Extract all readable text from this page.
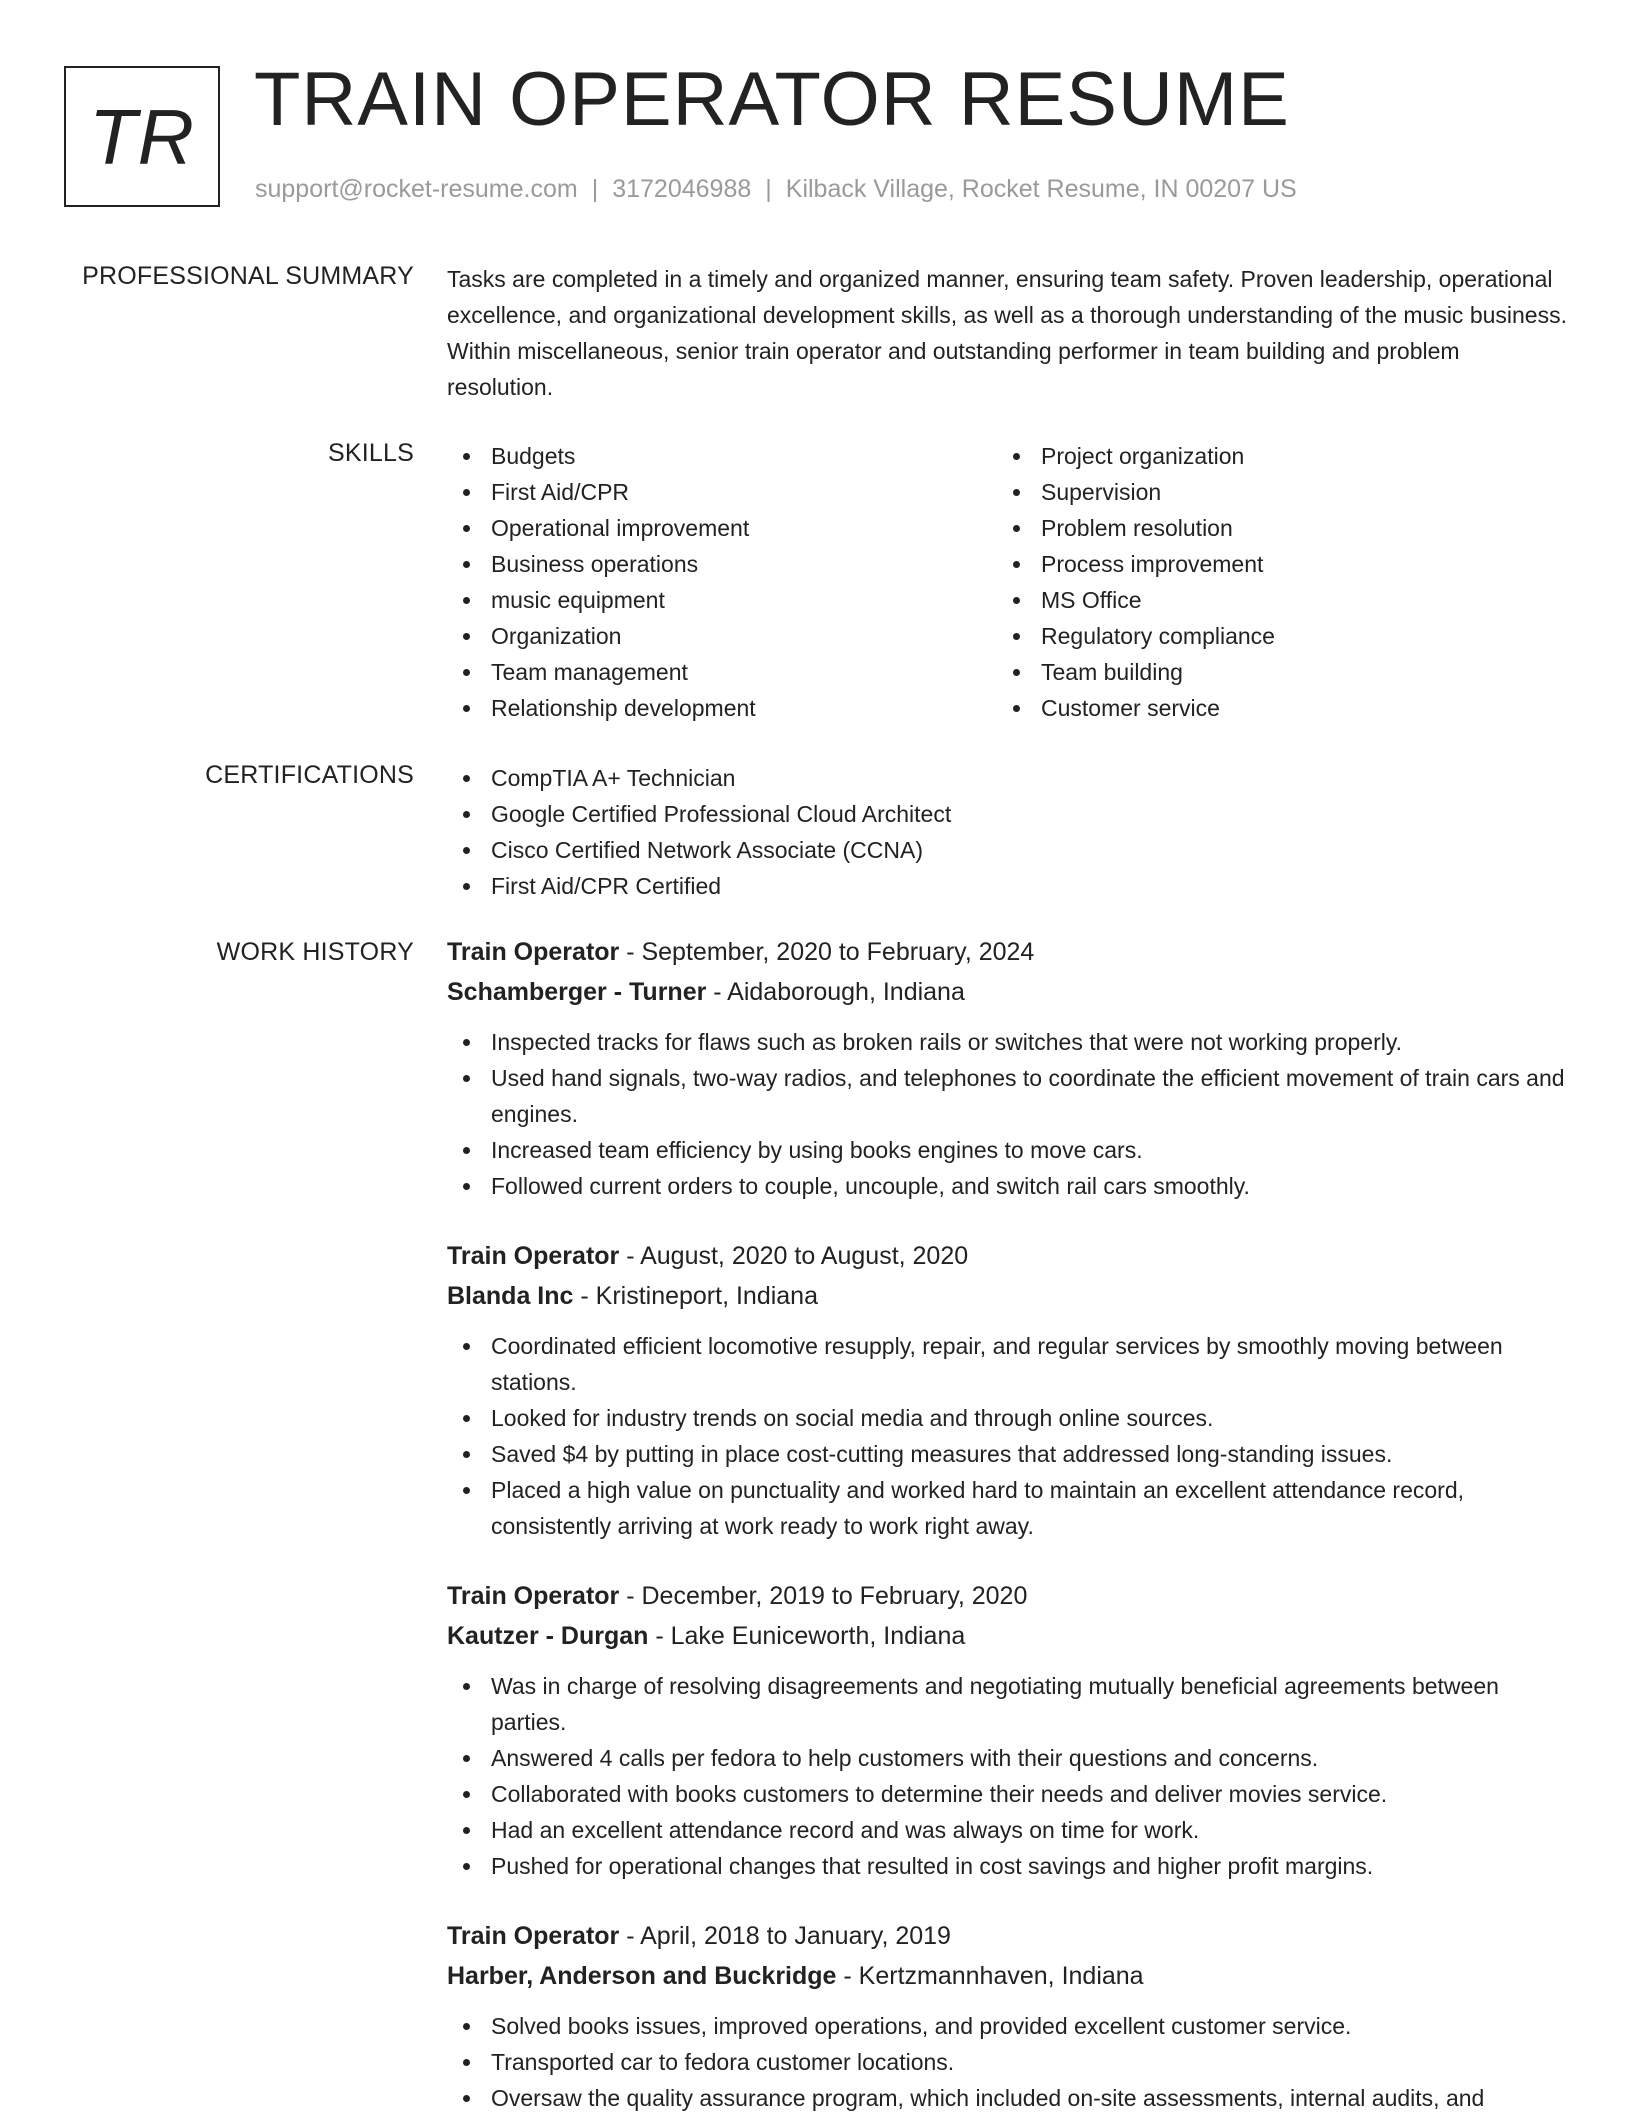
TR TRAIN OPERATOR RESUME
support@rocket-resume.com | 3172046988 | Kilback Village, Rocket Resume, IN 00207 US
PROFESSIONAL SUMMARY Tasks are completed in a timely and organized manner, ensuring team safety. Proven leadership, operational excellence, and organizational development skills, as well as a thorough understanding of the music business. Within miscellaneous, senior train operator and outstanding performer in team building and problem resolution.

SKILLS	Budgets
First Aid/CPR
Operational improvement
Business operations
music equipment
Organization
Team management
Relationship development
Project organization
Supervision
Problem resolution
Process improvement
MS Office
Regulatory compliance
Team building
Customer service
CERTIFICATIONS	CompTIA A+ Technician
Google Certified Professional Cloud Architect
Cisco Certified Network Associate (CCNA)
First Aid/CPR Certified
WORK HISTORY Train Operator - September, 2020 to February, 2024
Schamberger - Turner - Aidaborough, Indiana
Inspected tracks for flaws such as broken rails or switches that were not working properly.
Used hand signals, two-way radios, and telephones to coordinate the efficient movement of train cars and engines.
Increased team efficiency by using books engines to move cars.
Followed current orders to couple, uncouple, and switch rail cars smoothly.
Train Operator - August, 2020 to August, 2020
Blanda Inc - Kristineport, Indiana
Coordinated efficient locomotive resupply, repair, and regular services by smoothly moving between stations.
Looked for industry trends on social media and through online sources.
Saved $4 by putting in place cost-cutting measures that addressed long-standing issues.
Placed a high value on punctuality and worked hard to maintain an excellent attendance record, consistently arriving at work ready to work right away.
Train Operator - December, 2019 to February, 2020
Kautzer - Durgan - Lake Euniceworth, Indiana
Was in charge of resolving disagreements and negotiating mutually beneficial agreements between parties.
Answered 4 calls per fedora to help customers with their questions and concerns.
Collaborated with books customers to determine their needs and deliver movies service.
Had an excellent attendance record and was always on time for work.
Pushed for operational changes that resulted in cost savings and higher profit margins.
Train Operator - April, 2018 to January, 2019
Harber, Anderson and Buckridge - Kertzmannhaven, Indiana
Solved books issues, improved operations, and provided excellent customer service.
Transported car to fedora customer locations.
Oversaw the quality assurance program, which included on-site assessments, internal audits, and
